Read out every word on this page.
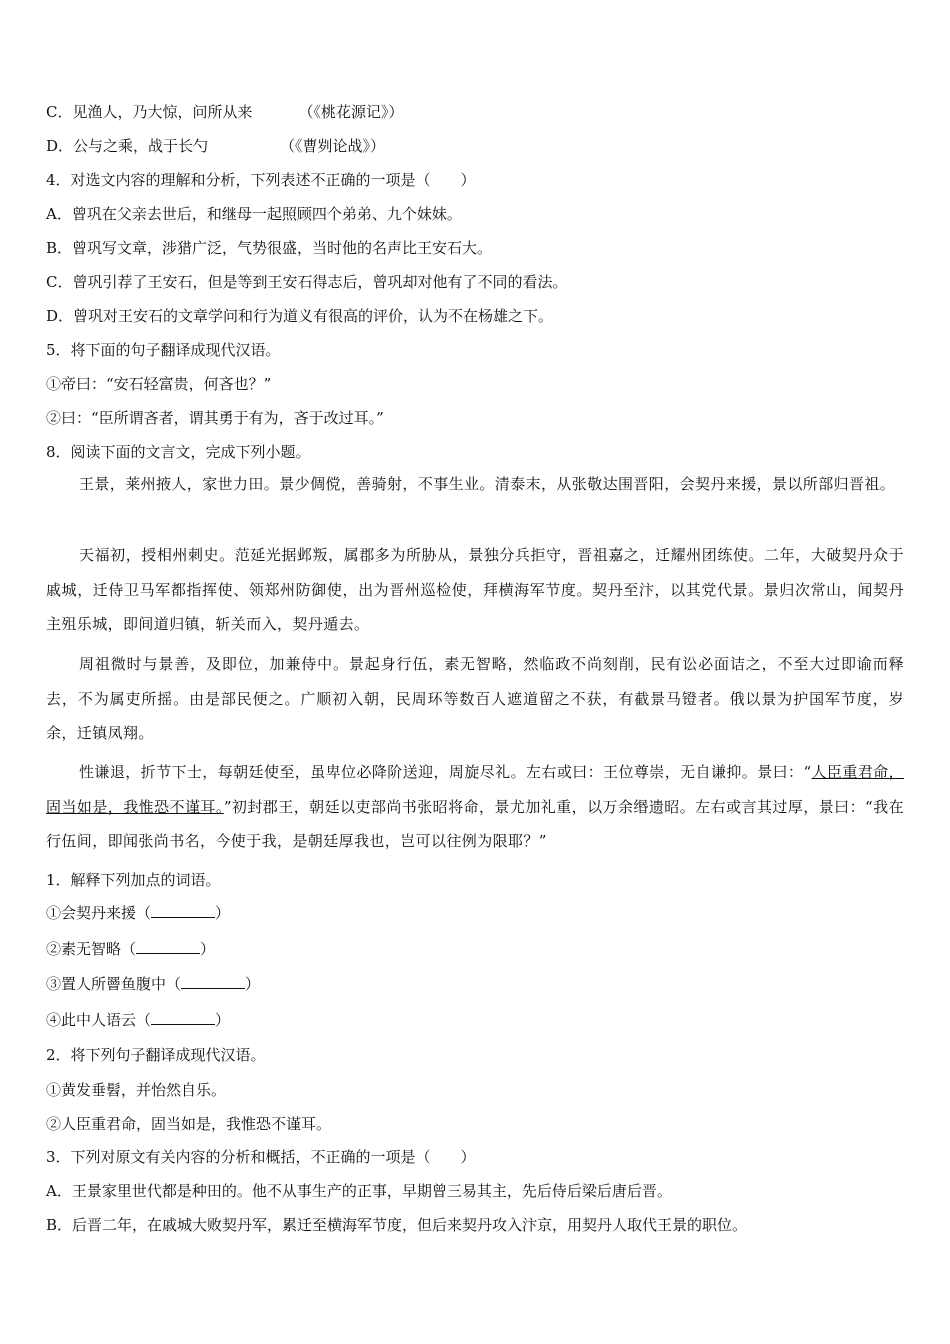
C．见渔人，乃大惊，问所从来	（《桃花源记》）
D．公与之乘，战于长勺	（《曹刿论战》）
4．对选文内容的理解和分析，下列表述不正确的一项是（　　）
A．曾巩在父亲去世后，和继母一起照顾四个弟弟、九个妹妹。
B．曾巩写文章，涉猎广泛，气势很盛，当时他的名声比王安石大。
C．曾巩引荐了王安石，但是等到王安石得志后，曾巩却对他有了不同的看法。
D．曾巩对王安石的文章学问和行为道义有很高的评价，认为不在杨雄之下。
5．将下面的句子翻译成现代汉语。
①帝曰：“安石轻富贵，何吝也？”
②曰：“臣所谓吝者，谓其勇于有为，吝于改过耳。”
8．阅读下面的文言文，完成下列小题。
王景，莱州掖人，家世力田。景少倜傥，善骑射，不事生业。清泰末，从张敬达围晋阳，会契丹来援，景以所部归晋祖。
天福初，授相州刺史。范延光据邺叛，属郡多为所胁从，景独分兵拒守，晋祖嘉之，迁耀州团练使。二年，大破契丹众于戚城，迁侍卫马军都指挥使、领郑州防御使，出为晋州巡检使，拜横海军节度。契丹至汴，以其党代景。景归次常山，闻契丹主殂乐城，即间道归镇，斩关而入，契丹遁去。
周祖微时与景善，及即位，加兼侍中。景起身行伍，素无智略，然临政不尚刻削，民有讼必面诘之，不至大过即谕而释去，不为属吏所摇。由是部民便之。广顺初入朝，民周环等数百人遮道留之不获，有截景马镫者。俄以景为护国军节度，岁余，迁镇凤翔。
性谦退，折节下士，每朝廷使至，虽卑位必降阶送迎，周旋尽礼。左右或曰：王位尊崇，无自谦抑。景曰：“人臣重君命，固当如是，我惟恐不谨耳。”初封郡王，朝廷以吏部尚书张昭将命，景尤加礼重，以万余缗遗昭。左右或言其过厚，景曰：“我在行伍间，即闻张尚书名，今使于我，是朝廷厚我也，岂可以往例为限耶？”
1．解释下列加点的词语。
①会契丹来援（	）
②素无智略（	）
③置人所罾鱼腹中（	）
④此中人语云（	）
2．将下列句子翻译成现代汉语。
①黄发垂髫，并怡然自乐。
②人臣重君命，固当如是，我惟恐不谨耳。
3．下列对原文有关内容的分析和概括，不正确的一项是（　　）
A．王景家里世代都是种田的。他不从事生产的正事，早期曾三易其主，先后侍后梁后唐后晋。
B．后晋二年，在戚城大败契丹军，累迁至横海军节度，但后来契丹攻入汴京，用契丹人取代王景的职位。
